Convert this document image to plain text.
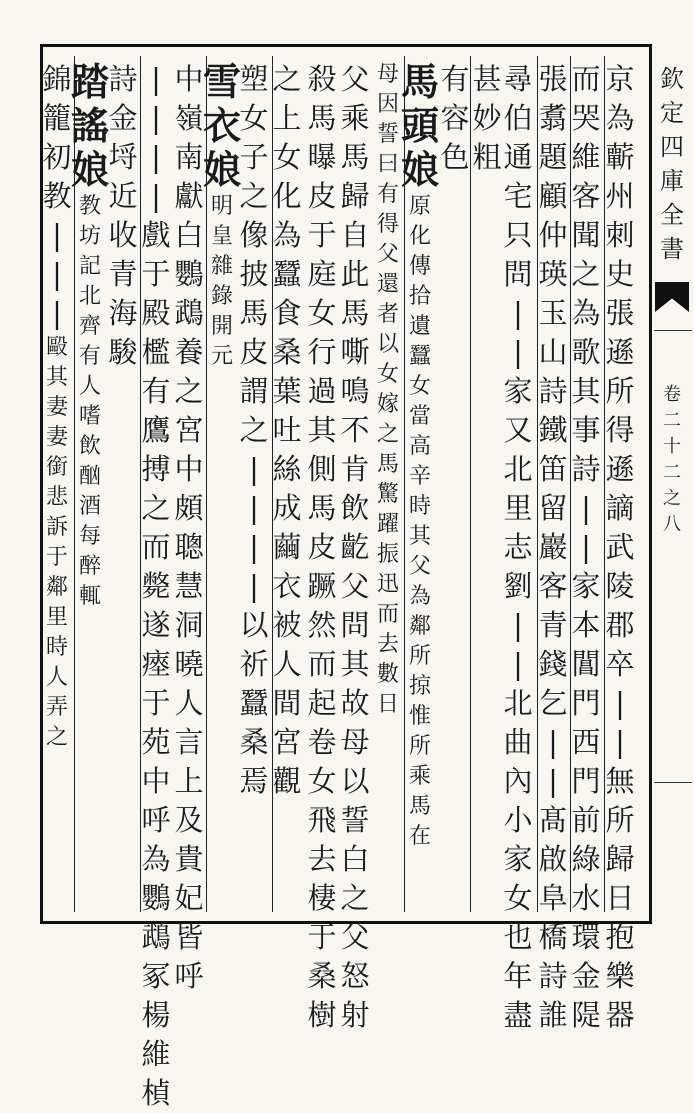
京
為
蘄
州
刺
史
張
遜
所
得
遜
謫
武
陵
郡
卒
|
|
無
所
歸
日
抱
樂
器
而
哭
維
客
聞
之
為
歌
其
事
詩
|
|
家
本
閶
門
西
門
前
綠
水
環
金
隄
張
翥
題
顧
仲
瑛
玉
山
詩
鐵
笛
留
巖
客
青
錢
乞
|
|
髙
啟
阜
橋
詩
誰
尋
伯
通
宅
只
問
|
|
家
又
北
里
志
劉
|
|
北
曲
內
小
家
女
也
年
盡
甚
妙
粗
有
容
色
馬
頭
娘
原
化
傳
拾
遺
蠶
女
當
高
辛
時
其
父
為
鄰
所
掠
惟
所
乘
馬
在
母
因
誓
曰
有
得
父
還
者
以
女
嫁
之
馬
驚
躍
振
迅
而
去
數
日
父
乘
馬
歸
自
此
馬
嘶
鳴
不
肯
飲
齕
父
問
其
故
母
以
誓
白
之
父
怒
射
殺
馬
曝
皮
于
庭
女
行
過
其
側
馬
皮
蹶
然
而
起
卷
女
飛
去
棲
于
桑
樹
之
上
女
化
為
蠶
食
桑
葉
吐
絲
成
繭
衣
被
人
間
宮
觀
塑
女
子
之
像
披
馬
皮
謂
之
|
|
|
|
以
祈
蠶
桑
焉
雪
衣
娘
明
皇
雜
錄
開
元
中
嶺
南
獻
白
鸚
鵡
養
之
宮
中
頗
聰
慧
洞
曉
人
言
上
及
貴
妃
皆
呼
|
|
|
|
戲
于
殿
檻
有
鷹
搏
之
而
斃
遂
瘞
于
苑
中
呼
為
鸚
鵡
冢
楊
維
楨
詩
金
埒
近
收
青
海
駿
踏
謠
娘
教
坊
記
北
齊
有
人
嗜
飲
酗
酒
每
醉
輒
錦
籠
初
教
|
|
|
毆
其
妻
妻
銜
悲
訴
于
鄰
里
時
人
弄
之
欽
定
四
庫
全
書
卷
二
十
二
之
八
